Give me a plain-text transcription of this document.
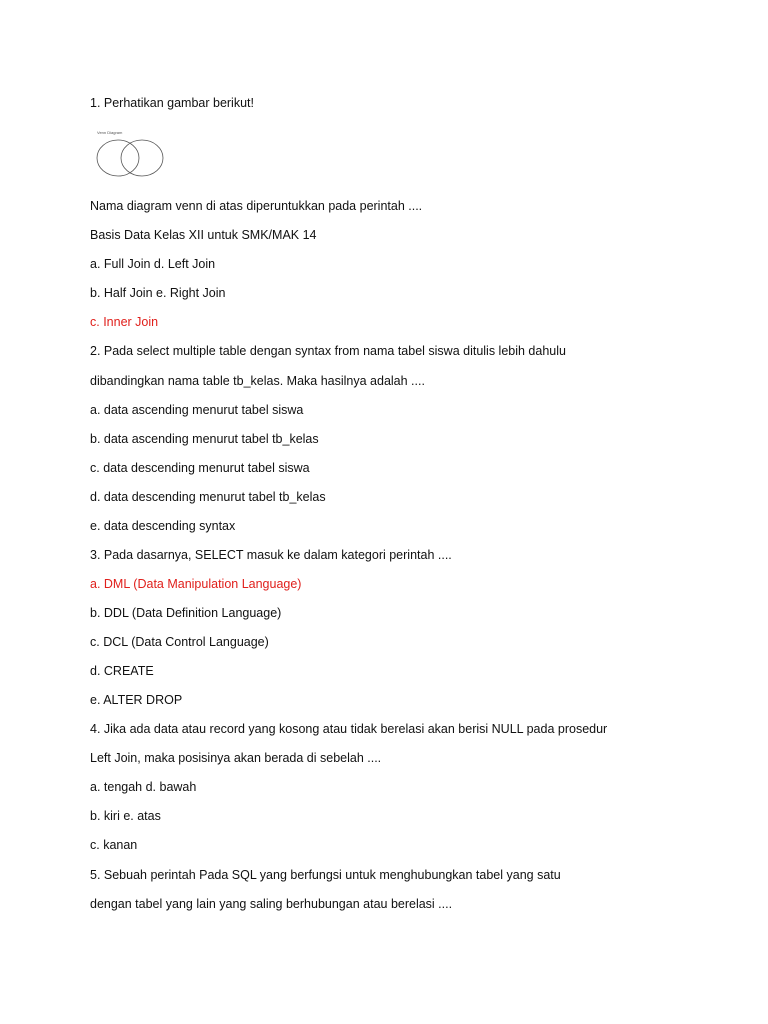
1. Perhatikan gambar berikut!
Venn Diagram
Nama diagram venn di atas diperuntukkan pada perintah ....
Basis Data Kelas XII untuk SMK/MAK 14
a. Full Join d. Left Join
b. Half Join e. Right Join
c. Inner Join
2. Pada select multiple table dengan syntax from nama tabel siswa ditulis lebih dahulu
dibandingkan nama table tb_kelas. Maka hasilnya adalah ....
a. data ascending menurut tabel siswa
b. data ascending menurut tabel tb_kelas
c. data descending menurut tabel siswa
d. data descending menurut tabel tb_kelas
e. data descending syntax
3. Pada dasarnya, SELECT masuk ke dalam kategori perintah ....
a. DML (Data Manipulation Language)
b. DDL (Data Definition Language)
c. DCL (Data Control Language)
d. CREATE
e. ALTER DROP
4. Jika ada data atau record yang kosong atau tidak berelasi akan berisi NULL pada prosedur
Left Join, maka posisinya akan berada di sebelah ....
a. tengah d. bawah
b. kiri e. atas
c. kanan
5. Sebuah perintah Pada SQL yang berfungsi untuk menghubungkan tabel yang satu
dengan tabel yang lain yang saling berhubungan atau berelasi ....
